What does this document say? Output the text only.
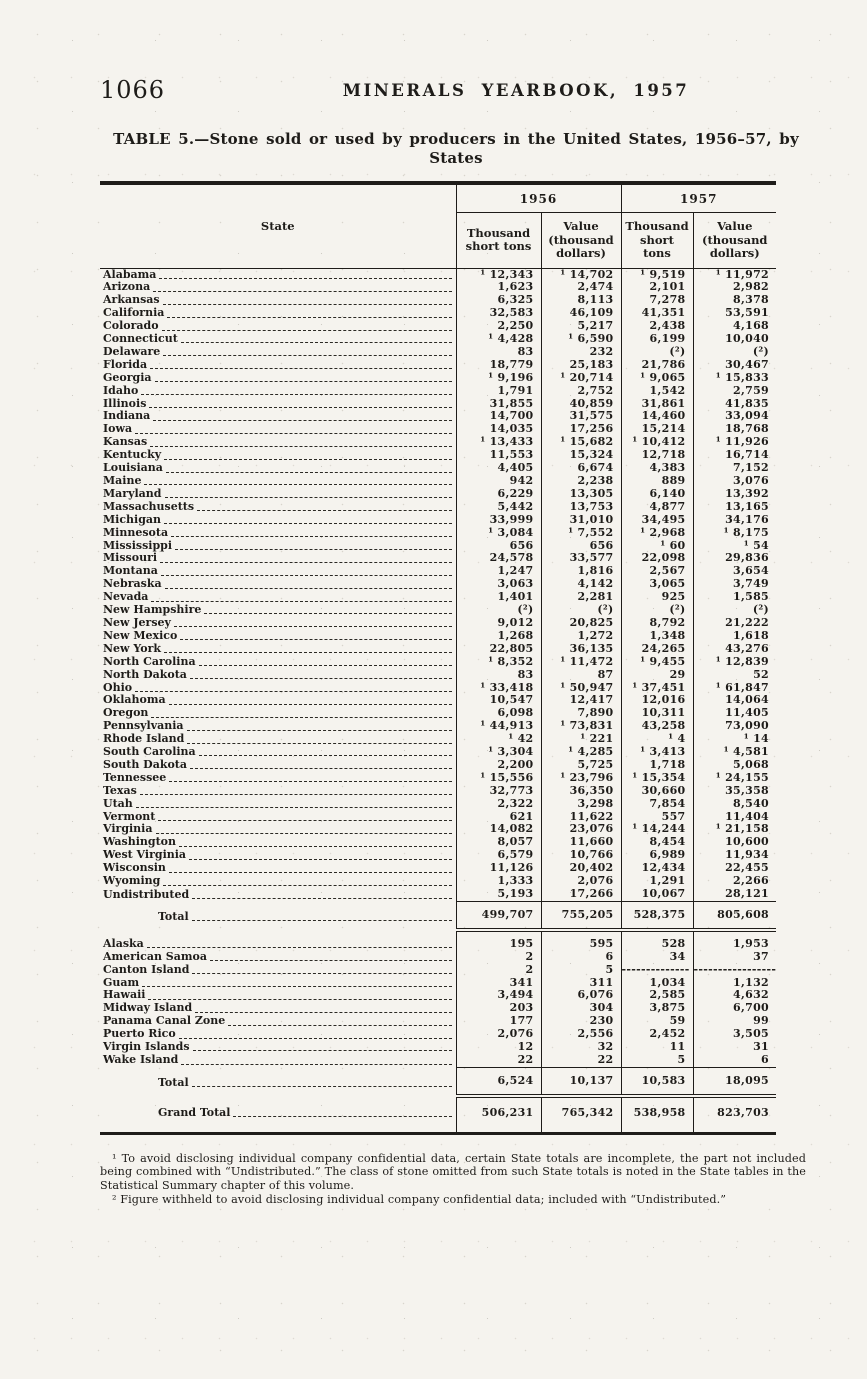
1066	MINERALS YEARBOOK, 1957
TABLE 5.—Stone sold or used by producers in the United States, 1956–57, by
States
State	1956		1957	
	Thousand short tons	Value (thousand dollars)	Thousand short tons	Value (thousand dollars)

Alabama	¹ 12,343	¹ 14,702	¹ 9,519	¹ 11,972

Arizona	1,623	2,474	2,101	2,982

Arkansas	6,325	8,113	7,278	8,378

California	32,583	46,109	41,351	53,591

Colorado	2,250	5,217	2,438	4,168

Connecticut	¹ 4,428	¹ 6,590	6,199	10,040

Delaware	83	232	(²)	(²)

Florida	18,779	25,183	21,786	30,467

Georgia	¹ 9,196	¹ 20,714	¹ 9,065	¹ 15,833

Idaho	1,791	2,752	1,542	2,759

Illinois	31,855	40,859	31,861	41,835

Indiana	14,700	31,575	14,460	33,094

Iowa	14,035	17,256	15,214	18,768

Kansas	¹ 13,433	¹ 15,682	¹ 10,412	¹ 11,926

Kentucky	11,553	15,324	12,718	16,714

Louisiana	4,405	6,674	4,383	7,152

Maine	942	2,238	889	3,076

Maryland	6,229	13,305	6,140	13,392

Massachusetts	5,442	13,753	4,877	13,165

Michigan	33,999	31,010	34,495	34,176

Minnesota	¹ 3,084	¹ 7,552	¹ 2,968	¹ 8,175

Mississippi	656	656	¹ 60	¹ 54

Missouri	24,578	33,577	22,098	29,836

Montana	1,247	1,816	2,567	3,654

Nebraska	3,063	4,142	3,065	3,749

Nevada	1,401	2,281	925	1,585

New Hampshire	(²)	(²)	(²)	(²)

New Jersey	9,012	20,825	8,792	21,222

New Mexico	1,268	1,272	1,348	1,618

New York	22,805	36,135	24,265	43,276

North Carolina	¹ 8,352	¹ 11,472	¹ 9,455	¹ 12,839

North Dakota	83	87	29	52

Ohio	¹ 33,418	¹ 50,947	¹ 37,451	¹ 61,847

Oklahoma	10,547	12,417	12,016	14,064

Oregon	6,098	7,890	10,311	11,405

Pennsylvania	¹ 44,913	¹ 73,831	43,258	73,090

Rhode Island	¹ 42	¹ 221	¹ 4	¹ 14

South Carolina	¹ 3,304	¹ 4,285	¹ 3,413	¹ 4,581

South Dakota	2,200	5,725	1,718	5,068

Tennessee	¹ 15,556	¹ 23,796	¹ 15,354	¹ 24,155

Texas	32,773	36,350	30,660	35,358

Utah	2,322	3,298	7,854	8,540

Vermont	621	11,622	557	11,404

Virginia	14,082	23,076	¹ 14,244	¹ 21,158

Washington	8,057	11,660	8,454	10,600

West Virginia	6,579	10,766	6,989	11,934

Wisconsin	11,126	20,402	12,434	22,455

Wyoming	1,333	2,076	1,291	2,266

Undistributed	5,193	17,266	10,067	28,121

Total	499,707	755,205	528,375	805,608

Alaska	195	595	528	1,953

American Samoa	2	6	34	37

Canton Island	2	5	--------------	-----------------

Guam	341	311	1,034	1,132

Hawaii	3,494	6,076	2,585	4,632

Midway Island	203	304	3,875	6,700

Panama Canal Zone	177	230	59	99

Puerto Rico	2,076	2,556	2,452	3,505

Virgin Islands	12	32	11	31

Wake Island	22	22	5	6

Total	6,524	10,137	10,583	18,095

Grand Total	506,231	765,342	538,958	823,703

¹ To avoid disclosing individual company confidential data, certain State totals are incomplete, the part not included being combined with “Undistributed.” The class of stone omitted from such State totals is noted in the State tables in the Statistical Summary chapter of this volume.

² Figure withheld to avoid disclosing individual company confidential data; included with “Undistributed.”
